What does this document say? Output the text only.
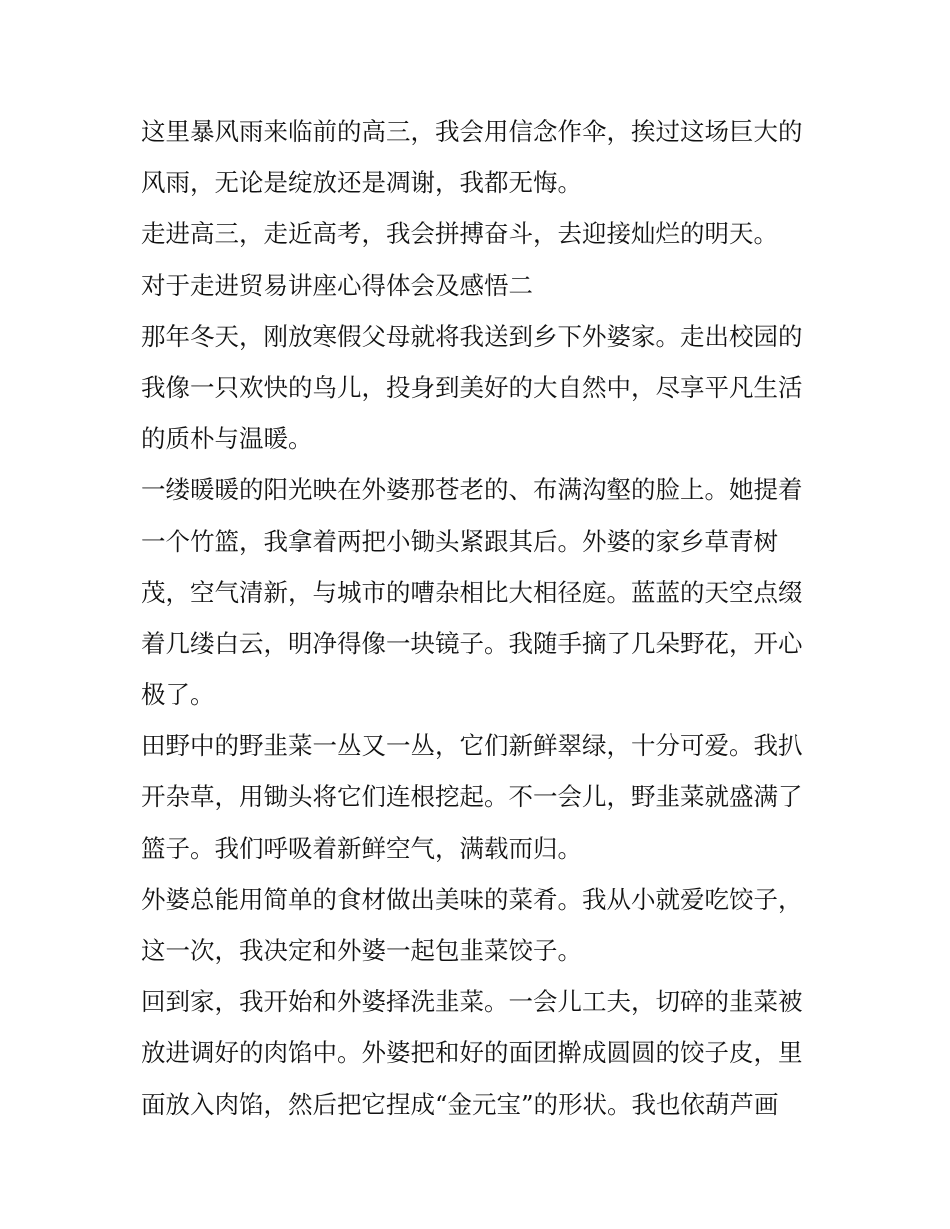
这里暴风雨来临前的高三，我会用信念作伞，挨过这场巨大的
风雨，无论是绽放还是凋谢，我都无悔。
走进高三，走近高考，我会拼搏奋斗，去迎接灿烂的明天。
对于走进贸易讲座心得体会及感悟二
那年冬天，刚放寒假父母就将我送到乡下外婆家。走出校园的
我像一只欢快的鸟儿，投身到美好的大自然中，尽享平凡生活
的质朴与温暖。
一缕暖暖的阳光映在外婆那苍老的、布满沟壑的脸上。她提着
一个竹篮，我拿着两把小锄头紧跟其后。外婆的家乡草青树
茂，空气清新，与城市的嘈杂相比大相径庭。蓝蓝的天空点缀
着几缕白云，明净得像一块镜子。我随手摘了几朵野花，开心
极了。
田野中的野韭菜一丛又一丛，它们新鲜翠绿，十分可爱。我扒
开杂草，用锄头将它们连根挖起。不一会儿，野韭菜就盛满了
篮子。我们呼吸着新鲜空气，满载而归。
外婆总能用简单的食材做出美味的菜肴。我从小就爱吃饺子，
这一次，我决定和外婆一起包韭菜饺子。
回到家，我开始和外婆择洗韭菜。一会儿工夫，切碎的韭菜被
放进调好的肉馅中。外婆把和好的面团擀成圆圆的饺子皮，里
面放入肉馅，然后把它捏成“金元宝”的形状。我也依葫芦画
